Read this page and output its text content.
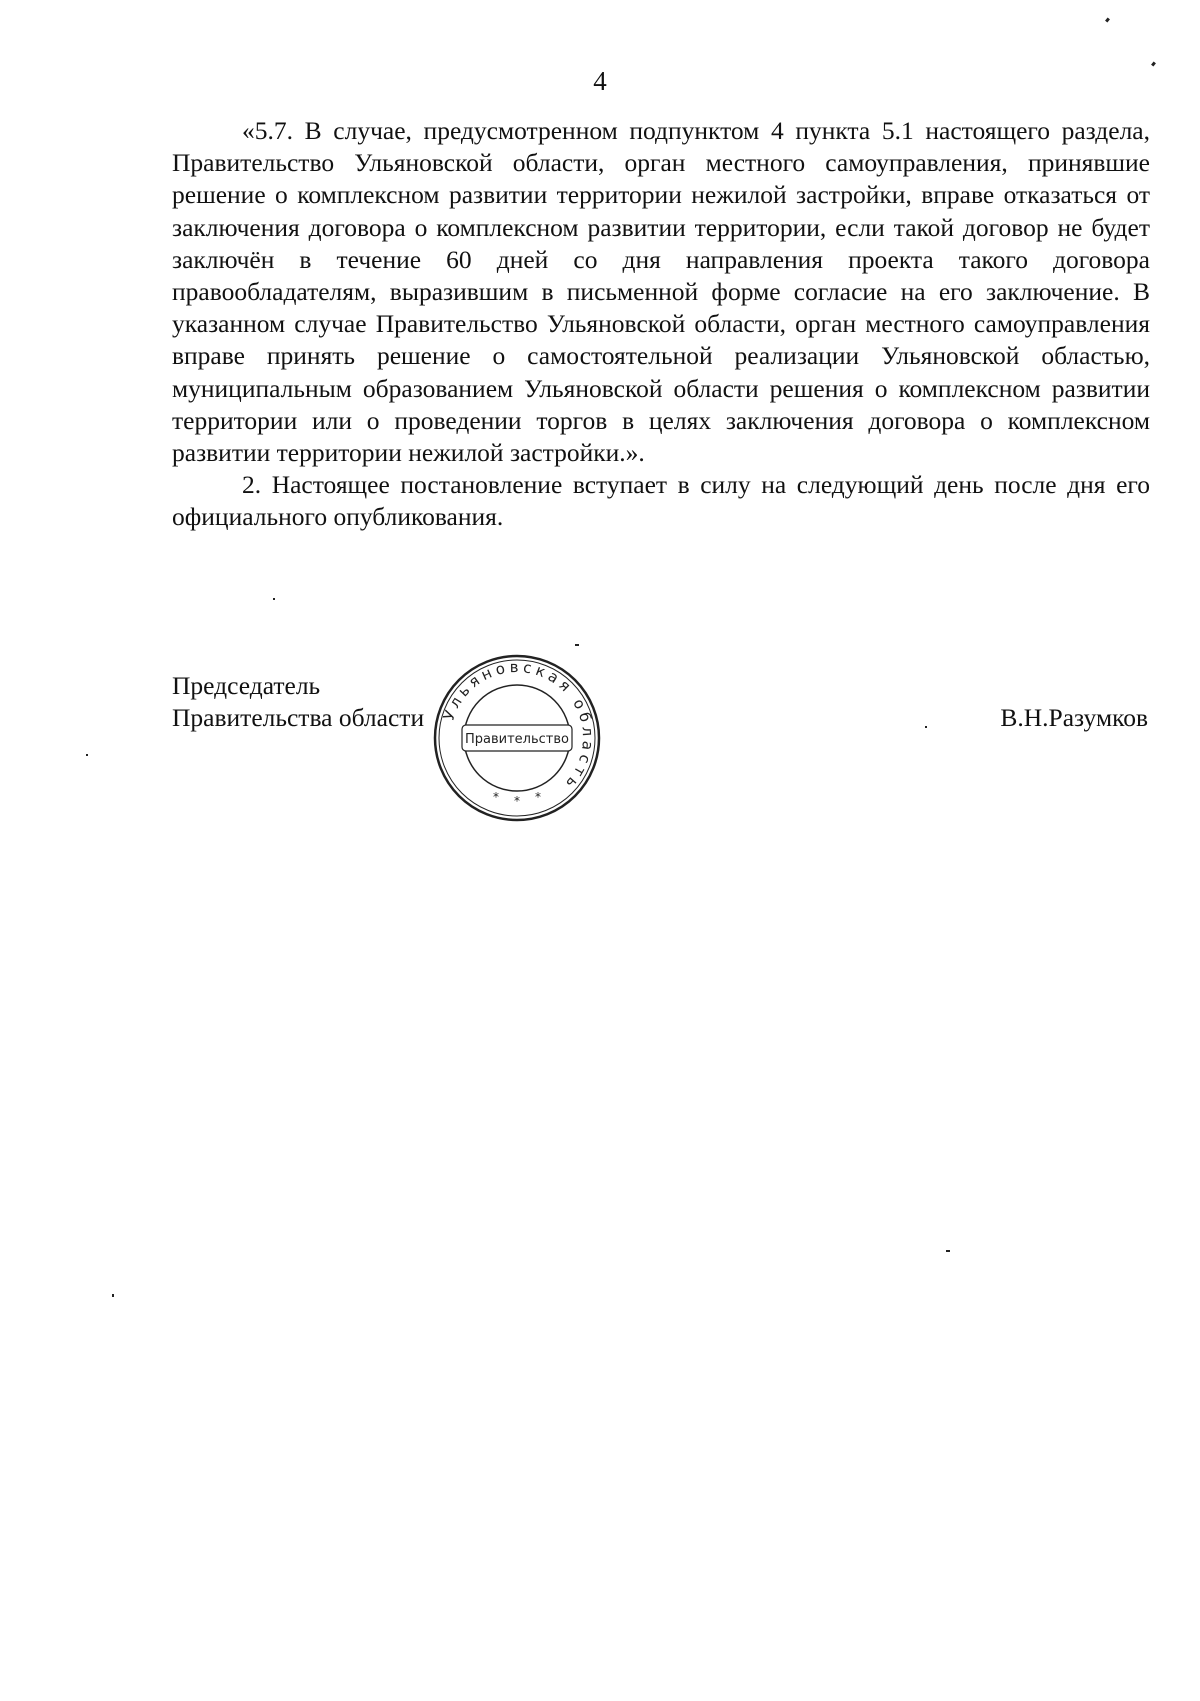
4

«5.7. В случае, предусмотренном подпунктом 4 пункта 5.1 настоящего раздела, Правительство Ульяновской области, орган местного самоуправления, принявшие решение о комплексном развитии территории нежилой застройки, вправе отказаться от заключения договора о комплексном развитии территории, если такой договор не будет заключён в течение 60 дней со дня направления проекта такого договора правообладателям, выразившим в письменной форме согласие на его заключение. В указанном случае Правительство Ульяновской области, орган местного самоуправления вправе принять решение о самостоятельной реализации Ульяновской областью, муниципальным образованием Ульяновской области решения о комплексном развитии территории или о проведении торгов в целях заключения договора о комплексном развитии территории нежилой застройки.».

2. Настоящее постановление вступает в силу на следующий день после дня его официального опубликования.

Председатель
Правительства области	В.Н.Разумков
Ульяновская область
Правительство
* * *
